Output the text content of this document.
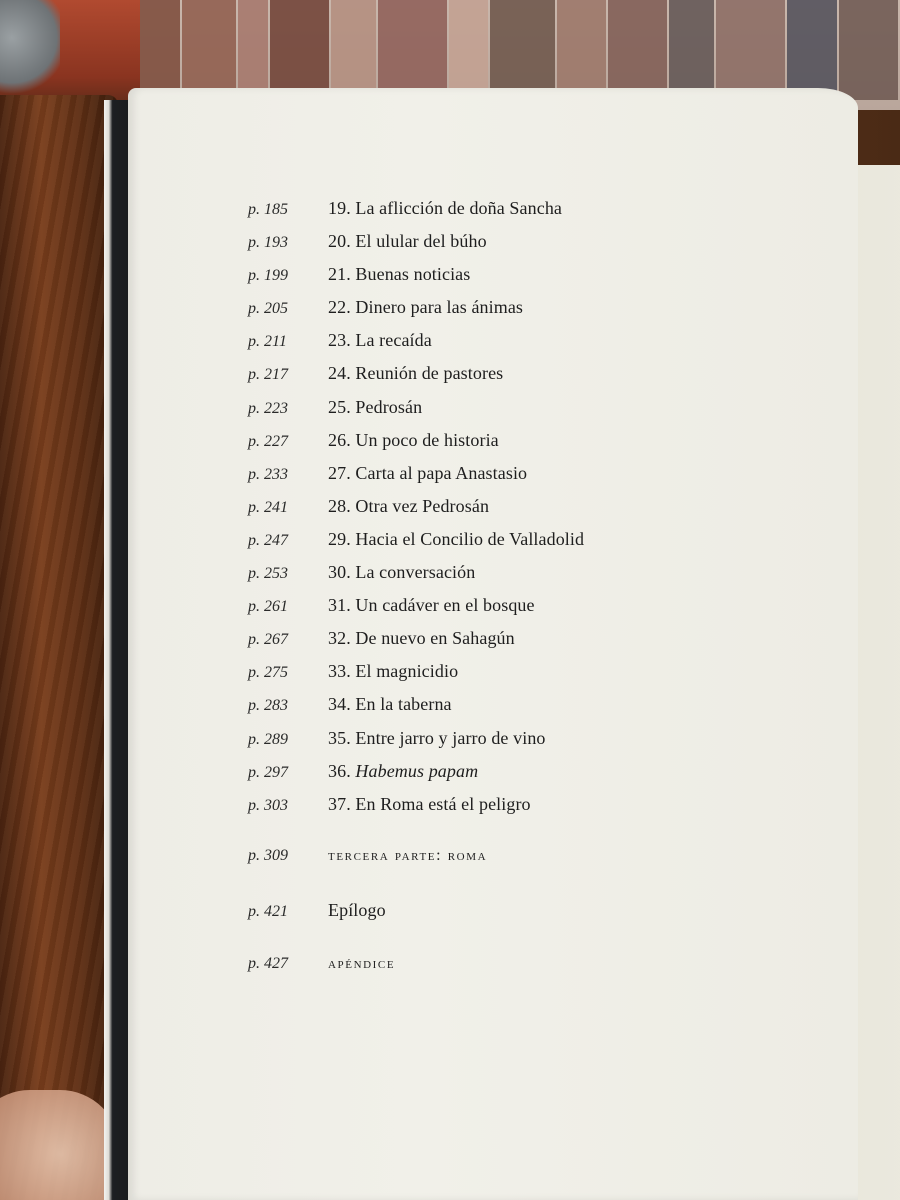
p. 185	19. La aflicción de doña Sancha
p. 193	20. El ulular del búho
p. 199	21. Buenas noticias
p. 205	22. Dinero para las ánimas
p. 211	23. La recaída
p. 217	24. Reunión de pastores
p. 223	25. Pedrosán
p. 227	26. Un poco de historia
p. 233	27. Carta al papa Anastasio
p. 241	28. Otra vez Pedrosán
p. 247	29. Hacia el Concilio de Valladolid
p. 253	30. La conversación
p. 261	31. Un cadáver en el bosque
p. 267	32. De nuevo en Sahagún
p. 275	33. El magnicidio
p. 283	34. En la taberna
p. 289	35. Entre jarro y jarro de vino
p. 297	36. Habemus papam
p. 303	37. En Roma está el peligro
p. 309	tercera parte: roma
p. 421	Epílogo
p. 427	apéndice
